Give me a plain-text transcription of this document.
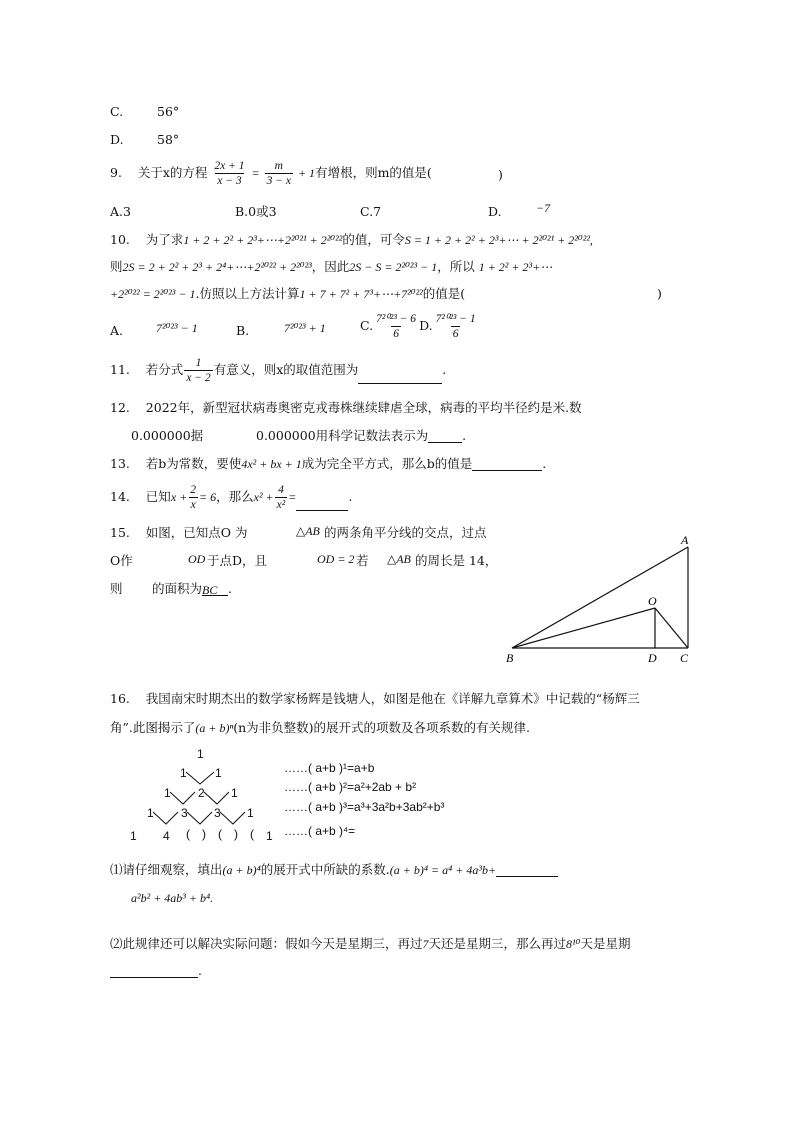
C.	56°
D.	58°
9. 关于x的方程 $\frac{2x + 1}{x - 3} = \frac{m}{3 - x} + 1$有增根，则m的值是(	)
A.3	B.0或3	C.7	D.	−7
10. 为了求1 + 2 + 2² + 2³+⋯+2²⁰²¹ + 2²⁰²²的值，可令S = 1 + 2 + 2² + 2³+⋯ + 2²⁰²¹ + 2²⁰²²,
则2S = 2 + 2² + 2³ + 2⁴+⋯+2²⁰²² + 2²⁰²³，因此2S − S = 2²⁰²³ − 1，所以 1 + 2² + 2³+⋯
+2²⁰²² = 2²⁰²³ − 1.仿照以上方法计算1 + 7 + 7² + 7³+⋯+7²⁰²²的值是(	)
A.	7²⁰²³ − 1	B.	7²⁰²³ + 1	C. $\frac{\text{7²⁰²³ − 6}}{6} D$. $\frac{\text{7²⁰²³ − 1}}{6}$
11. 若分式 $\frac{1}{x - 2}$ 有意义，则x的取值范围为	.
12. 2022年，新型冠状病毒奥密克戎毒株继续肆虐全球，病毒的平均半径约是米.数
0.000000据	0.000000用科学记数法表示为	.
13. 若b为常数，要使4x² + bx + 1成为完全平方式，那么b的值是	.
14. 已知$x + \frac{2}{x} = 6$，那么$x^2 + \frac{4}{\text{x²}}$ =	.
15. 如图，已知点O 为	△AB 的两条角平分线的交点，过点
O作	OD 于点D，且	OD = 2 若 △AB 的周长是 14，
则 的面积为BC .
A
O
B	D C
16. 我国南宋时期杰出的数学家杨辉是钱塘人，如图是他在《详解九章算术》中记载的“杨辉三
角”.此图揭示了(a + b)ⁿ(n为非负整数)的展开式的项数及各项系数的有关规律.
1
1 1
1 2 1
1 3 3 1
1 4 ( ) ( ) ( 1
……( a+b )¹=a+b
……( a+b )²=a²+2ab + b²
……( a+b )³=a³+3a²b+3ab²+b³
……( a+b )⁴=
⑴请仔细观察，填出(a + b)⁴的展开式中所缺的系数.(a + b)⁴ = a⁴ + 4a³b+
a²b² + 4ab³ + b⁴.
⑵此规律还可以解决实际问题：假如今天是星期三，再过7天还是星期三，那么再过8¹⁰天是星期
.
